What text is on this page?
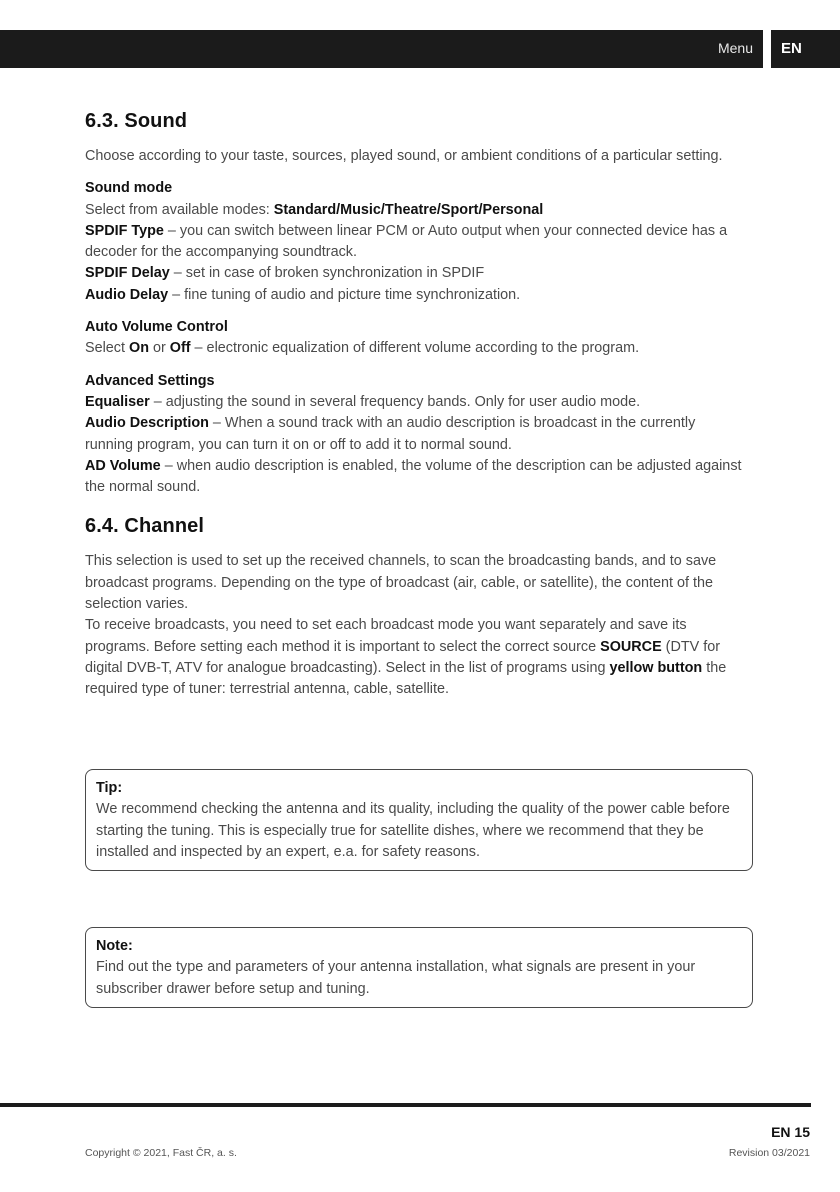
Menu	EN
6.3. Sound

Choose according to your taste, sources, played sound, or ambient conditions of a particular setting.

Sound mode

Select from available modes: Standard/Music/Theatre/Sport/Personal

SPDIF Type – you can switch between linear PCM or Auto output when your connected device has a decoder for the accompanying soundtrack.

SPDIF Delay – set in case of broken synchronization in SPDIF

Audio Delay – fine tuning of audio and picture time synchronization.

Auto Volume Control

Select On or Off – electronic equalization of different volume according to the program.

Advanced Settings

Equaliser – adjusting the sound in several frequency bands. Only for user audio mode.

Audio Description – When a sound track with an audio description is broadcast in the currently running program, you can turn it on or off to add it to normal sound.

AD Volume – when audio description is enabled, the volume of the description can be adjusted against the normal sound.

6.4. Channel

This selection is used to set up the received channels, to scan the broadcasting bands, and to save broadcast programs. Depending on the type of broadcast (air, cable, or satellite), the content of the selection varies.

To receive broadcasts, you need to set each broadcast mode you want separately and save its programs. Before setting each method it is important to select the correct source SOURCE (DTV for digital DVB-T, ATV for analogue broadcasting). Select in the list of programs using yellow button the required type of tuner: terrestrial antenna, cable, satellite.

Tip:

We recommend checking the antenna and its quality, including the quality of the power cable before starting the tuning. This is especially true for satellite dishes, where we recommend that they be installed and inspected by an expert, e.a. for safety reasons.

Note:

Find out the type and parameters of your antenna installation, what signals are present in your subscriber drawer before setup and tuning.

EN 15
Copyright © 2021, Fast ČR, a. s.	Revision 03/2021
